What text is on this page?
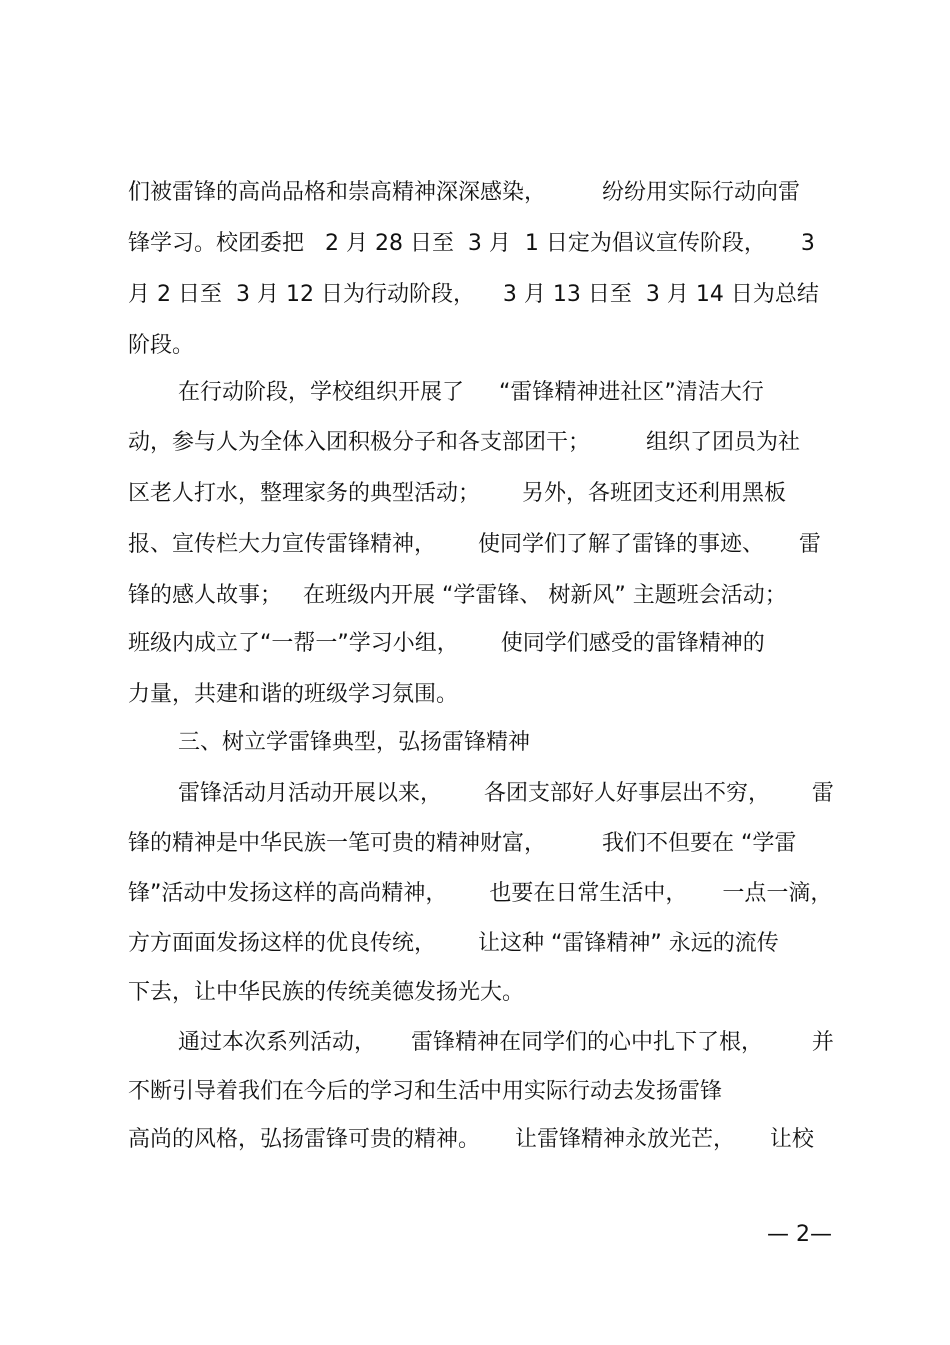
们被雷锋的高尚品格和崇高精神深深感染，        纷纷用实际行动向雷
锋学习。校团委把   2 月 28 日至  3 月  1 日定为倡议宣传阶段，     3
月 2 日至  3 月 12 日为行动阶段，    3 月 13 日至  3 月 14 日为总结
阶段。
在行动阶段，学校组织开展了     “雷锋精神进社区”清洁大行
动，参与人为全体入团积极分子和各支部团干；        组织了团员为社
区老人打水，整理家务的典型活动；      另外，各班团支还利用黑板
报、宣传栏大力宣传雷锋精神，      使同学们了解了雷锋的事迹、     雷
锋的感人故事；   在班级内开展 “学雷锋、 树新风” 主题班会活动；
班级内成立了“一帮一”学习小组，      使同学们感受的雷锋精神的
力量，共建和谐的班级学习氛围。
三、树立学雷锋典型，弘扬雷锋精神
雷锋活动月活动开展以来，      各团支部好人好事层出不穷，      雷
锋的精神是中华民族一笔可贵的精神财富，        我们不但要在 “学雷
锋”活动中发扬这样的高尚精神，      也要在日常生活中，     一点一滴，
方方面面发扬这样的优良传统，      让这种 “雷锋精神” 永远的流传
下去，让中华民族的传统美德发扬光大。
通过本次系列活动，     雷锋精神在同学们的心中扎下了根，       并
不断引导着我们在今后的学习和生活中用实际行动去发扬雷锋
高尚的风格，弘扬雷锋可贵的精神。     让雷锋精神永放光芒，     让校
— 2—
